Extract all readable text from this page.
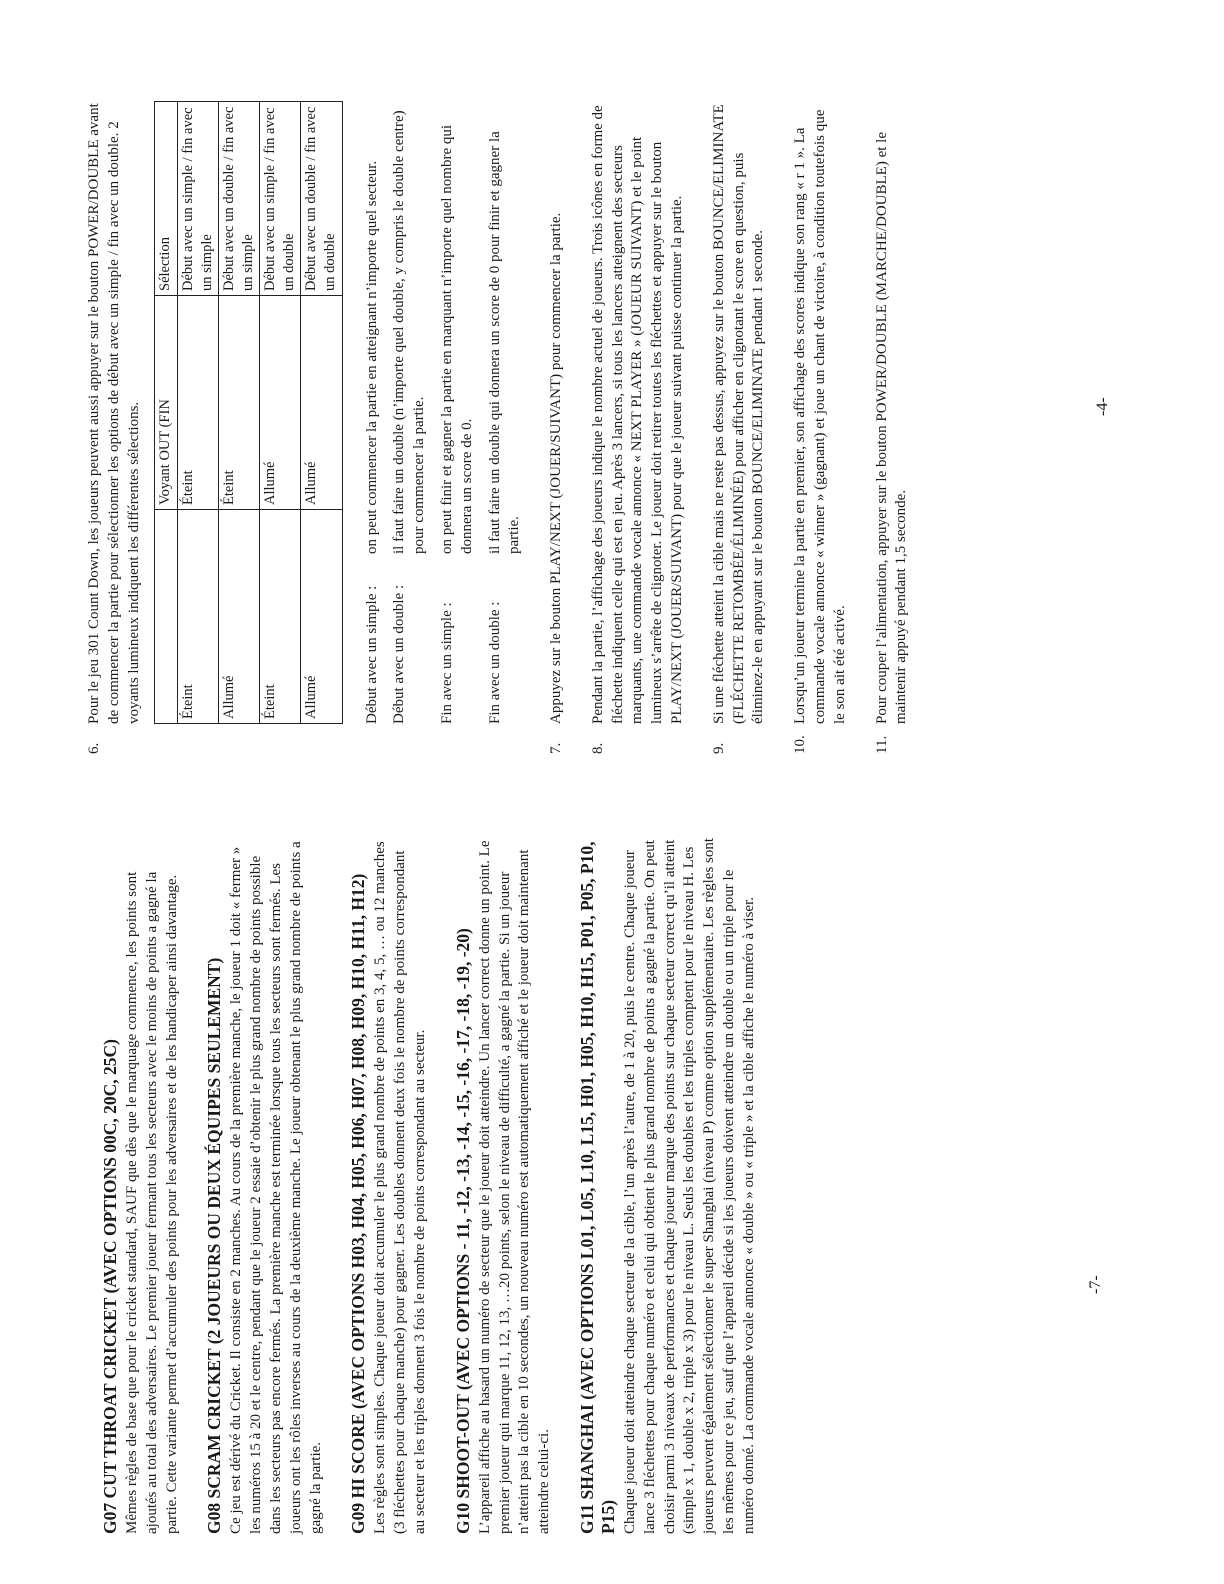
G07 CUT THROAT CRICKET (AVEC OPTIONS 00C, 20C, 25C) Mêmes règles de base que pour le cricket standard, SAUF que dès que le marquage commence, les points sont ajoutés au total des adversaires. Le premier joueur fermant tous les secteurs avec le moins de points a gagné la partie. Cette variante permet d’accumuler des points pour les adversaires et de les handicaper ainsi davantage. G08 SCRAM CRICKET (2 JOUEURS OU DEUX ÉQUIPES SEULEMENT) Ce jeu est dérivé du Cricket. Il consiste en 2 manches. Au cours de la première manche, le joueur 1 doit « fermer » les numéros 15 à 20 et le centre, pendant que le joueur 2 essaie d’obtenir le plus grand nombre de points possible dans les secteurs pas encore fermés. La première manche est terminée lorsque tous les secteurs sont fermés. Les joueurs ont les rôles inverses au cours de la deuxième manche. Le joueur obtenant le plus grand nombre de points a gagné la partie. G09 HI SCORE (AVEC OPTIONS H03, H04, H05, H06, H07, H08, H09, H10, H11, H12) Les règles sont simples. Chaque joueur doit accumuler le plus grand nombre de points en 3, 4, 5, … ou 12 manches (3 fléchettes pour chaque manche) pour gagner. Les doubles donnent deux fois le nombre de points correspondant au secteur et les triples donnent 3 fois le nombre de points correspondant au secteur. G10 SHOOT-OUT (AVEC OPTIONS - 11, -12, -13, -14, -15, -16, -17, -18, -19, -20) L’appareil affiche au hasard un numéro de secteur que le joueur doit atteindre. Un lancer correct donne un point. Le premier joueur qui marque 11, 12, 13, …20 points, selon le niveau de difficulté, a gagné la partie. Si un joueur n’atteint pas la cible en 10 secondes, un nouveau numéro est automatiquement affiché et le joueur doit maintenant atteindre celui-ci. G11 SHANGHAI (AVEC OPTIONS L01, L05, L10, L15, H01, H05, H10, H15, P01, P05, P10, P15) Chaque joueur doit atteindre chaque secteur de la cible, l’un après l’autre, de 1 à 20, puis le centre. Chaque joueur lance 3 fléchettes pour chaque numéro et celui qui obtient le plus grand nombre de points a gagné la partie. On peut choisir parmi 3 niveaux de performances et chaque joueur marque des points sur chaque secteur correct qu’il atteint (simple x 1, double x 2, triple x 3) pour le niveau L. Seuls les doubles et les triples comptent pour le niveau H. Les joueurs peuvent également sélectionner le super Shanghai (niveau P) comme option supplémentaire. Les règles sont les mêmes pour ce jeu, sauf que l’appareil décide si les joueurs doivent atteindre un double ou un triple pour le numéro donné. La commande vocale annonce « double » ou « triple » et la cible affiche le numéro à viser.	-7-
6.

Pour le jeu 301 Count Down, les joueurs peuvent aussi appuyer sur le bouton POWER/DOUBLE avant de commencer la partie pour sélectionner les options de début avec un simple / fin avec un double. 2 voyants lumineux indiquent les différentes sélections.

	Voyant OUT (FIN	Sélection
Éteint	Éteint	Début avec un simple / fin avec un simple
Allumé	Éteint	Début avec un double / fin avec un simple
Éteint	Allumé	Début avec un simple / fin avec un double
Allumé	Allumé	Début avec un double / fin avec un double
Début avec un simple :
on peut commencer la partie en atteignant n’importe quel secteur.
Début avec un double :
il faut faire un double (n’importe quel double, y compris le double centre) pour commencer la partie.
Fin avec un simple :
on peut finir et gagner la partie en marquant n’importe quel nombre qui donnera un score de 0.
Fin avec un double :
il faut faire un double qui donnera un score de 0 pour finir et gagner la partie.
7.

Appuyez sur le bouton PLAY/NEXT (JOUER/SUIVANT) pour commencer la partie.

8.

Pendant la partie, l’affichage des joueurs indique le nombre actuel de joueurs. Trois icônes en forme de fléchette indiquent celle qui est en jeu. Après 3 lancers, si tous les lancers atteignent des secteurs marquants, une commande vocale annonce « NEXT PLAYER » (JOUEUR SUIVANT) et le point lumineux s’arrête de clignoter. Le joueur doit retirer toutes les fléchettes et appuyer sur le bouton PLAY/NEXT (JOUER/SUIVANT) pour que le joueur suivant puisse continuer la partie.

9.

Si une fléchette atteint la cible mais ne reste pas dessus, appuyez sur le bouton BOUNCE/ELIMINATE (FLÉCHETTE RETOMBÉE/ÉLIMINÉE) pour afficher en clignotant le score en question, puis éliminez-le en appuyant sur le bouton BOUNCE/ELIMINATE pendant 1 seconde.

10.

Lorsqu’un joueur termine la partie en premier, son affichage des scores indique son rang « r 1 ». La commande vocale annonce « winner » (gagnant) et joue un chant de victoire, à condition toutefois que le son ait été activé.

11.

Pour couper l’alimentation, appuyer sur le bouton POWER/DOUBLE (MARCHE/DOUBLE) et le maintenir appuyé pendant 1,5 seconde.

-4-
